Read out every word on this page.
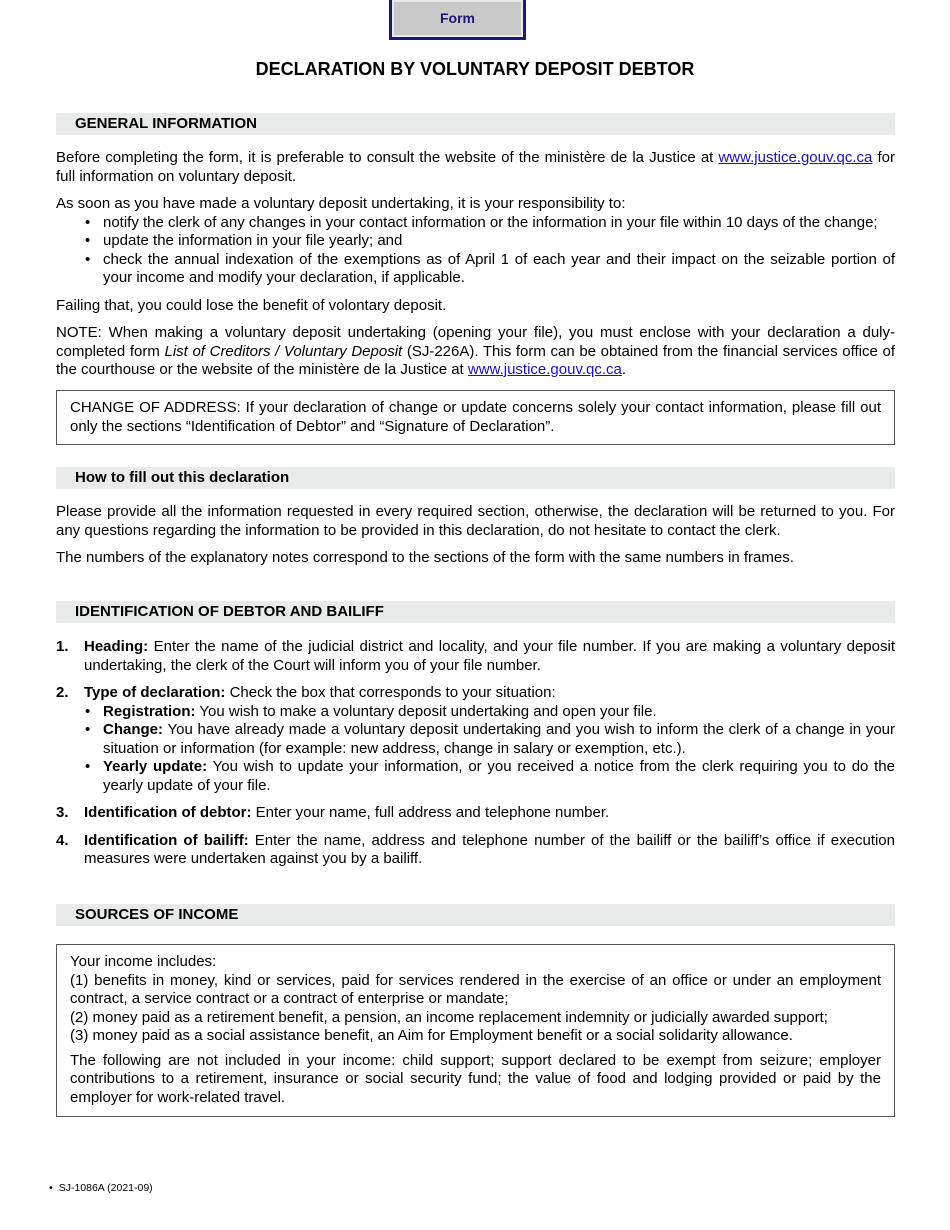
Form
DECLARATION BY VOLUNTARY DEPOSIT DEBTOR
GENERAL INFORMATION

Before completing the form, it is preferable to consult the website of the ministère de la Justice at www.justice.gouv.qc.ca for full information on voluntary deposit.

As soon as you have made a voluntary deposit undertaking, it is your responsibility to:

• notify the clerk of any changes in your contact information or the information in your file within 10 days of the change;
• update the information in your file yearly; and
• check the annual indexation of the exemptions as of April 1 of each year and their impact on the seizable portion of your income and modify your declaration, if applicable.

Failing that, you could lose the benefit of volontary deposit.

NOTE: When making a voluntary deposit undertaking (opening your file), you must enclose with your declaration a duly-completed form List of Creditors / Voluntary Deposit (SJ-226A). This form can be obtained from the financial services office of the courthouse or the website of the ministère de la Justice at www.justice.gouv.qc.ca.

CHANGE OF ADDRESS: If your declaration of change or update concerns solely your contact information, please fill out only the sections “Identification of Debtor” and “Signature of Declaration”.

How to fill out this declaration

Please provide all the information requested in every required section, otherwise, the declaration will be returned to you. For any questions regarding the information to be provided in this declaration, do not hesitate to contact the clerk.

The numbers of the explanatory notes correspond to the sections of the form with the same numbers in frames.

IDENTIFICATION OF DEBTOR AND BAILIFF
1. Heading: Enter the name of the judicial district and locality, and your file number. If you are making a voluntary deposit undertaking, the clerk of the Court will inform you of your file number.
2. Type of declaration: Check the box that corresponds to your situation:
• Registration: You wish to make a voluntary deposit undertaking and open your file.
• Change: You have already made a voluntary deposit undertaking and you wish to inform the clerk of a change in your situation or information (for example: new address, change in salary or exemption, etc.).
• Yearly update: You wish to update your information, or you received a notice from the clerk requiring you to do the yearly update of your file.
3. Identification of debtor: Enter your name, full address and telephone number.
4. Identification of bailiff: Enter the name, address and telephone number of the bailiff or the bailiff’s office if execution measures were undertaken against you by a bailiff.
SOURCES OF INCOME

Your income includes:

(1) benefits in money, kind or services, paid for services rendered in the exercise of an office or under an employment contract, a service contract or a contract of enterprise or mandate;

(2) money paid as a retirement benefit, a pension, an income replacement indemnity or judicially awarded support;

(3) money paid as a social assistance benefit, an Aim for Employment benefit or a social solidarity allowance.

The following are not included in your income: child support; support declared to be exempt from seizure; employer contributions to a retirement, insurance or social security fund; the value of food and lodging provided or paid by the employer for work-related travel.

• SJ-1086A (2021-09)
